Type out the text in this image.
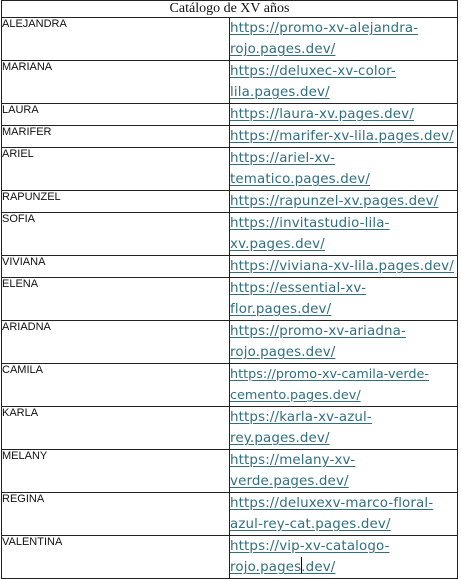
Catálogo de XV años	
ALEJANDRA	https://promo-xv-alejandra-rojo.pages.dev/
MARIANA	https://deluxec-xv-color-lila.pages.dev/
LAURA	https://laura-xv.pages.dev/
MARIFER	https://marifer-xv-lila.pages.dev/
ARIEL	https://ariel-xv-tematico.pages.dev/
RAPUNZEL	https://rapunzel-xv.pages.dev/
SOFIA	https://invitastudio-lila-xv.pages.dev/
VIVIANA	https://viviana-xv-lila.pages.dev/
ELENA	https://essential-xv-flor.pages.dev/
ARIADNA	https://promo-xv-ariadna-rojo.pages.dev/
CAMILA	https://promo-xv-camila-verde-cemento.pages.dev/
KARLA	https://karla-xv-azul-rey.pages.dev/
MELANY	https://melany-xv-verde.pages.dev/
REGINA	https://deluxexv-marco-floral-azul-rey-cat.pages.dev/
VALENTINA	https://vip-xv-catalogo-rojo.pages.dev/
